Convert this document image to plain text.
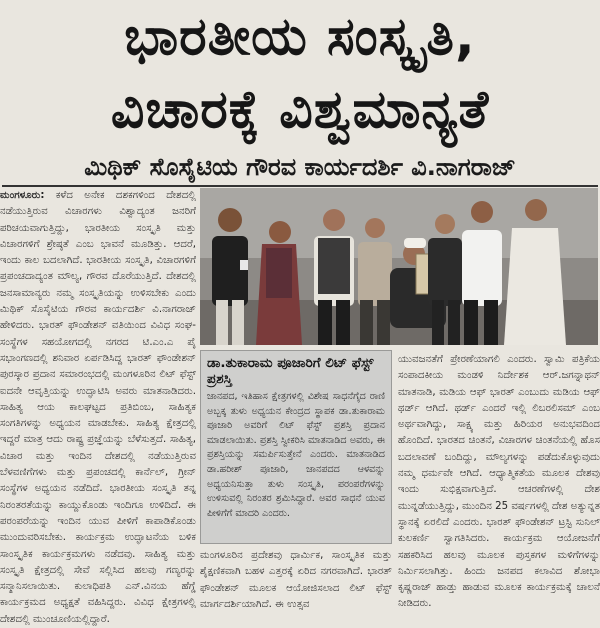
ಭಾರತೀಯ ಸಂಸ್ಕೃತಿ,
ವಿಚಾರಕ್ಕೆ ವಿಶ್ವಮಾನ್ಯತೆ
ಮಿಥಿಕ್ ಸೊಸೈಟಿಯ ಗೌರವ ಕಾರ್ಯದರ್ಶಿ ವಿ.ನಾಗರಾಜ್

ಮಂಗಳೂರು: ಕಳೆದ ಅನೇಕ ದಶಕಗಳಿಂದ ದೇಶದಲ್ಲಿ ನಡೆಯುತ್ತಿರುವ ವಿಚಾರಗಳು ವಿಶ್ವಾದ್ಯಂತ ಜನರಿಗೆ ಪರಿಚಯವಾಗುತ್ತಿದ್ದು, ಭಾರತೀಯ ಸಂಸ್ಕೃತಿ ಮತ್ತು ವಿಚಾರಗಳಿಗೆ ಶ್ರೇಷ್ಠತೆ ಎಂಬ ಭಾವನೆ ಮೂಡಿತ್ತು. ಆದರೆ, ಇಂದು ಕಾಲ ಬದಲಾಗಿದೆ. ಭಾರತೀಯ ಸಂಸ್ಕೃತಿ, ವಿಚಾರಗಳಿಗೆ ಪ್ರಪಂಚದಾದ್ಯಂತ ಮೌಲ್ಯ, ಗೌರವ ದೊರೆಯುತ್ತಿದೆ. ದೇಶದಲ್ಲಿ ಜನಸಾಮಾನ್ಯರು ನಮ್ಮ ಸಂಸ್ಕೃತಿಯನ್ನು ಉಳಿಸಬೇಕು ಎಂದು ಮಿಥಿಕ್ ಸೊಸೈಟಿಯ ಗೌರವ ಕಾರ್ಯದರ್ಶಿ ವಿ.ನಾಗರಾಜ್ ಹೇಳಿದರು. ಭಾರತ್ ಫೌಂಡೇಶನ್ ವತಿಯಿಂದ ವಿವಿಧ ಸಂಘ-ಸಂಸ್ಥೆಗಳ ಸಹಯೋಗದಲ್ಲಿ ನಗರದ ಟಿ.ಎಂ.ಎ ಪೈ ಸಭಾಂಗಣದಲ್ಲಿ ಶನಿವಾರ ಏರ್ಪಡಿಸಿದ್ದ ಭಾರತ್ ಫೌಂಡೇಶನ್ ಪುರಸ್ಕಾರ ಪ್ರದಾನ ಸಮಾರಂಭದಲ್ಲಿ ಮಂಗಳೂರಿನ ಲಿಟ್ ಫೆಸ್ಟ್ ಐದನೇ ಆವೃತ್ತಿಯನ್ನು ಉದ್ಘಾಟಿಸಿ ಅವರು ಮಾತನಾಡಿದರು. ಸಾಹಿತ್ಯ ಆಯ ಕಾಲಘಟ್ಟದ ಪ್ರತಿಬಿಂಬ, ಸಾಹಿತ್ಯಕ ಸಂಗತಿಗಳನ್ನು ಅಧ್ಯಯನ ಮಾಡಬೇಕು. ಸಾಹಿತ್ಯ ಕ್ಷೇತ್ರದಲ್ಲಿ ಇದ್ದರೆ ಮಾತ್ರ ಆದು ರಾಷ್ಟ್ರ ಪ್ರಜ್ಞೆಯನ್ನು ಬೆಳೆಸುತ್ತದೆ. ಸಾಹಿತ್ಯ, ವಿಚಾರ ಮತ್ತು ಇಂದಿನ ದೇಶದಲ್ಲಿ ನಡೆಯುತ್ತಿರುವ ಬೆಳವಣಿಗೆಗಳು ಮತ್ತು ಪ್ರಪಂಚದಲ್ಲಿ ಕಾರ್ನೆಲ್, ಗ್ರೀನ್ ಸಂಸ್ಥೆಗಳ ಅಧ್ಯಯನ ನಡೆದಿದೆ. ಭಾರತೀಯ ಸಂಸ್ಕೃತಿ ತನ್ನ ನಿರಂತರತೆಯನ್ನು ಕಾಯ್ದುಕೊಂಡು ಇಂದಿಗೂ ಉಳಿದಿದೆ. ಈ ಪರಂಪರೆಯನ್ನು ಇಂದಿನ ಯುವ ಪೀಳಿಗೆ ಕಾಪಾಡಿಕೊಂಡು ಮುಂದುವರಿಸಬೇಕು. ಕಾರ್ಯಕ್ರಮ ಉದ್ಘಾಟನೆಯ ಬಳಿಕ ಸಾಂಸ್ಕೃತಿಕ ಕಾರ್ಯಕ್ರಮಗಳು ನಡೆದವು. ಸಾಹಿತ್ಯ ಮತ್ತು ಸಂಸ್ಕೃತಿ ಕ್ಷೇತ್ರದಲ್ಲಿ ಸೇವೆ ಸಲ್ಲಿಸಿದ ಹಲವು ಗಣ್ಯರನ್ನು ಸನ್ಮಾನಿಸಲಾಯಿತು. ಕುಲಾಧಿಪತಿ ಎನ್.ವಿನಯ ಹೆಗ್ಡೆ ಕಾರ್ಯಕ್ರಮದ ಅಧ್ಯಕ್ಷತೆ ವಹಿಸಿದ್ದರು. ವಿವಿಧ ಕ್ಷೇತ್ರಗಳಲ್ಲಿ ದೇಶದಲ್ಲಿ ಮುಂಚೂಣಿಯಲ್ಲಿದ್ದಾರೆ.

ಡಾ.ತುಕಾರಾಮ ಪೂಜಾರಿಗೆ ಲಿಟ್ ಫೆಸ್ಟ್ ಪ್ರಶಸ್ತಿ
ಜಾನಪದ, ಇತಿಹಾಸ ಕ್ಷೇತ್ರಗಳಲ್ಲಿ ವಿಶೇಷ ಸಾಧನೆಗೈದ ರಾಣಿ ಅಬ್ಬಕ್ಕ ತುಳು ಅಧ್ಯಯನ ಕೇಂದ್ರದ ಸ್ಥಾಪಕ ಡಾ.ತುಕಾರಾಮ ಪೂಜಾರಿ ಅವರಿಗೆ ಲಿಟ್ ಫೆಸ್ಟ್ ಪ್ರಶಸ್ತಿ ಪ್ರದಾನ ಮಾಡಲಾಯಿತು. ಪ್ರಶಸ್ತಿ ಸ್ವೀಕರಿಸಿ ಮಾತನಾಡಿದ ಅವರು, ಈ ಪ್ರಶಸ್ತಿಯನ್ನು ಸಮರ್ಪಿಸುತ್ತೇನೆ ಎಂದರು. ಮಾತನಾಡಿದ ಡಾ.ಹರೀಶ್ ಪೂಜಾರಿ, ಜಾನಪದದ ಆಳವನ್ನು ಅಧ್ಯಯನಿಸುತ್ತಾ ತುಳು ಸಂಸ್ಕೃತಿ, ಪರಂಪರೆಗಳನ್ನು ಉಳಿಸುವಲ್ಲಿ ನಿರಂತರ ಶ್ರಮಿಸಿದ್ದಾರೆ. ಅವರ ಸಾಧನೆ ಯುವ ಪೀಳಿಗೆಗೆ ಮಾದರಿ ಎಂದರು.

ಮಂಗಳೂರಿನ ಪ್ರದೇಶವು ಧಾರ್ಮಿಕ, ಸಾಂಸ್ಕೃತಿಕ ಮತ್ತು ಶೈಕ್ಷಣಿಕವಾಗಿ ಬಹಳ ಎತ್ತರಕ್ಕೆ ಏರಿದ ನಗರವಾಗಿದೆ. ಭಾರತ್ ಫೌಂಡೇಶನ್ ಮೂಲಕ ಆಯೋಜಿಸಲಾದ ಲಿಟ್ ಫೆಸ್ಟ್ ಮಾರ್ಗದರ್ಶಿಯಾಗಿದೆ. ಈ ಉತ್ಸವ

ಯುವಜನತೆಗೆ ಪ್ರೇರಣೆಯಾಗಲಿ ಎಂದರು. ಸ್ವಾಮಿ ಪತ್ರಿಕೆಯ ಸಂಪಾದಕೀಯ ಮಂಡಳಿ ನಿರ್ದೇಶಕ ಆರ್.ಜಗನ್ನಾಥನ್ ಮಾತನಾಡಿ, ಮಡಿಯ ಆಫ್ ಭಾರತ್ ಎಂಬುದು ಮಡಿಯ ಆಫ್ ಥರ್ಡ್ ಆಗಿದೆ. ಥರ್ಡ್ ಎಂದರೆ ಇಲ್ಲಿ ಲಿಬರಲಿಸಮ್ ಎಂಬ ಅರ್ಥವಾಗಿದ್ದು, ಸಾಕ್ಷ್ಯ ಮತ್ತು ಹಿರಿಯರ ಅನುಭವದಿಂದ ಹೊಂದಿದೆ. ಭಾರತದ ಚಿಂತನೆ, ವಿಚಾರಗಳ ಚಿಂತನೆಯಲ್ಲಿ ಹೊಸ ಬದಲಾವಣೆ ಬಂದಿದ್ದು, ಮೌಲ್ಯಗಳನ್ನು ಪಡೆದುಕೊಳ್ಳುವುದು ನಮ್ಮ ಧರ್ಮವೇ ಆಗಿದೆ. ಆಧ್ಯಾತ್ಮಿಕತೆಯ ಮೂಲಕ ದೇಶವು ಇಂದು ಸುಭಿಕ್ಷವಾಗುತ್ತಿದೆ. ಆಚರಣೆಗಳಲ್ಲಿ ದೇಶ ಮುನ್ನಡೆಯುತ್ತಿದ್ದು, ಮುಂದಿನ 25 ವರ್ಷಗಳಲ್ಲಿ ದೇಶ ಅತ್ಯುನ್ನತ ಸ್ಥಾನಕ್ಕೆ ಏರಲಿದೆ ಎಂದರು. ಭಾರತ್ ಫೌಂಡೇಶನ್ ಟ್ರಸ್ಟಿ ಸುನಿಲ್ ಕುಲಕರ್ಣಿ ಸ್ವಾಗತಿಸಿದರು. ಕಾರ್ಯಕ್ರಮ ಆಯೋಜನೆಗೆ ಸಹಕರಿಸಿದ ಹಲವು ಮೂಲಕ ಪುಸ್ತಕಗಳ ಮಳಿಗೆಗಳನ್ನು ನಿರ್ಮಿಸಲಾಗಿತ್ತು. ಹಿಂದು ಜನಪದ ಕಲಾವಿದ ಶೋಭಾ ಕೃಷ್ಣರಾಜ್ ಹಾಡ್ತು ಹಾಡುವ ಮೂಲಕ ಕಾರ್ಯಕ್ರಮಕ್ಕೆ ಚಾಲನೆ ನೀಡಿದರು.
